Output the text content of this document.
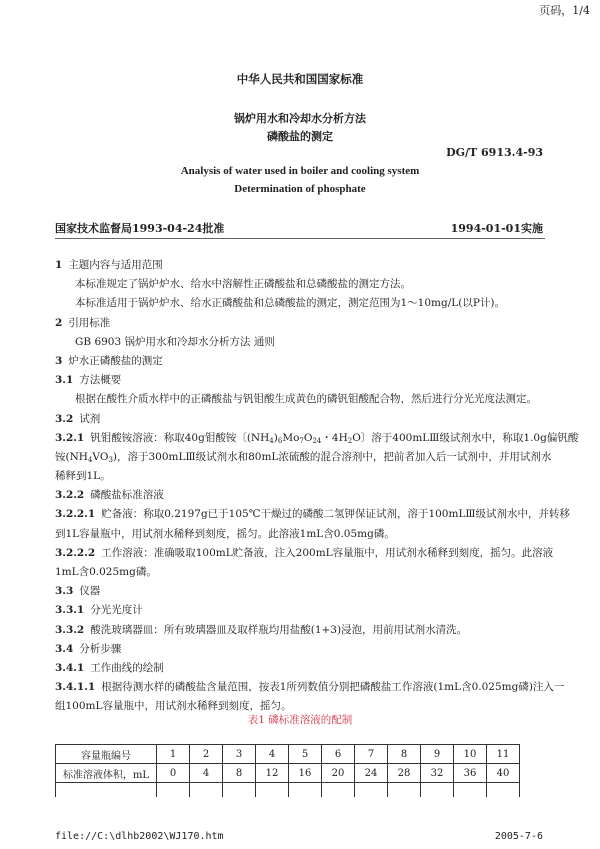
页码，1/4
中华人民共和国国家标准
锅炉用水和冷却水分析方法
磷酸盐的测定
DG/T 6913.4-93
Analysis of water used in boiler and cooling system
Determination of phosphate
国家技术监督局1993-04-24批准	1994-01-01实施
1 主题内容与适用范围
本标准规定了锅炉炉水、给水中溶解性正磷酸盐和总磷酸盐的测定方法。
本标准适用于锅炉炉水、给水正磷酸盐和总磷酸盐的测定，测定范围为1～10mg/L(以P计)。
2 引用标准
GB 6903 锅炉用水和冷却水分析方法 通则
3 炉水正磷酸盐的测定
3.1 方法概要
根据在酸性介质水样中的正磷酸盐与钒钼酸生成黄色的磷钒钼酸配合物，然后进行分光光度法测定。
3.2 试剂
3.2.1 钒钼酸铵溶液：称取40g钼酸铵〔$(NH_4)_6Mo_7O_{24}$・$4H_2O$〕溶于400mLⅢ级试剂水中，称取1.0g偏钒酸
铵$(NH_4VO_3)$，溶于300mLⅢ级试剂水和80mL浓硫酸的混合溶剂中，把前者加入后一试剂中，并用试剂水
稀释到1L。
3.2.2 磷酸盐标准溶液
3.2.2.1 贮备液：称取0.2197g已于105℃干燥过的磷酸二氢钾保证试剂，溶于100mLⅢ级试剂水中，并转移
到1L容量瓶中，用试剂水稀释到刻度，摇匀。此溶液1mL含0.05mg磷。
3.2.2.2 工作溶液：准确吸取100mL贮备液，注入200mL容量瓶中，用试剂水稀释到刻度，摇匀。此溶液
1mL含0.025mg磷。
3.3 仪器
3.3.1 分光光度计
3.3.2 酸洗玻璃器皿：所有玻璃器皿及取样瓶均用盐酸(1+3)浸泡，用前用试剂水清洗。
3.4 分析步骤
3.4.1 工作曲线的绘制
3.4.1.1 根据待测水样的磷酸盐含量范围，按表1所列数值分别把磷酸盐工作溶液(1mL含0.025mg磷)注入一
组100mL容量瓶中，用试剂水稀释到刻度，摇匀。
表1 磷标准溶液的配制
容量瓶编号	1	2	3	4	5	6	7	8	9	10	11
标准溶液体积，mL	0	4	8	12	16	20	24	28	32	36	40

file://C:\dlhb2002\WJ170.htm	2005-7-6
